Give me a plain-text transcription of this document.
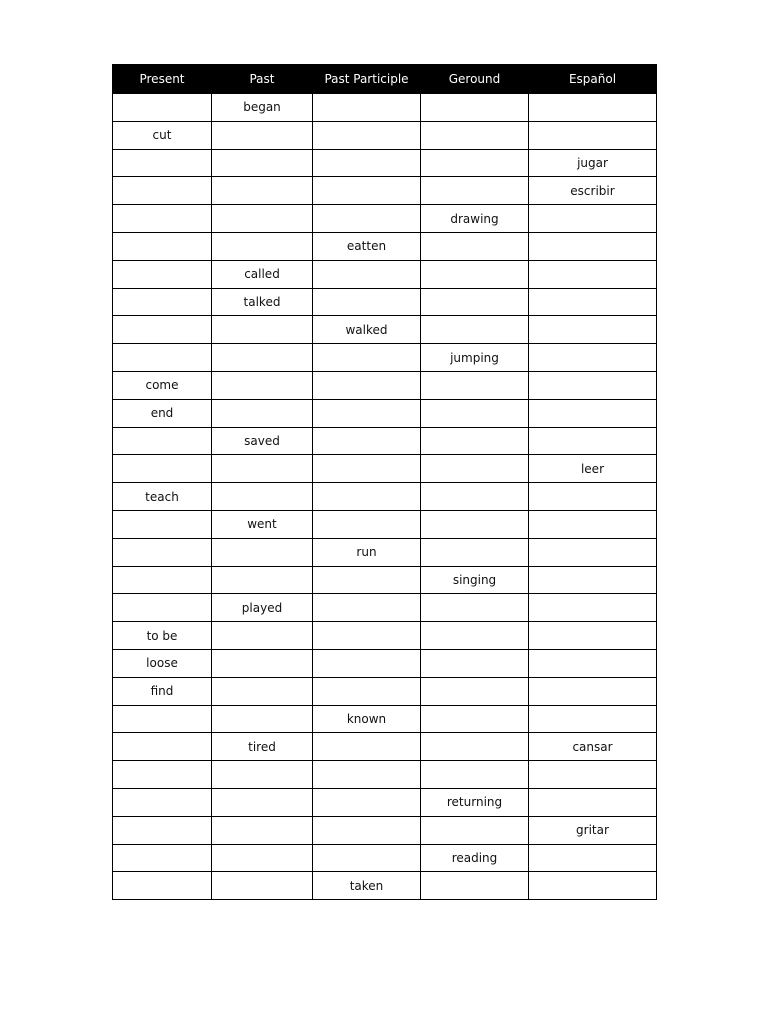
Present	Past	Past Participle	Geround	Español
	began			
cut				
				jugar
				escribir
			drawing	
		eatten		
	called			
	talked			
		walked		
			jumping	
come				
end				
	saved			
				leer
teach				
	went			
		run		
			singing	
	played			
to be				
loose				
find				
		known		
	tired			cansar

			returning	
				gritar
			reading	
		taken		
